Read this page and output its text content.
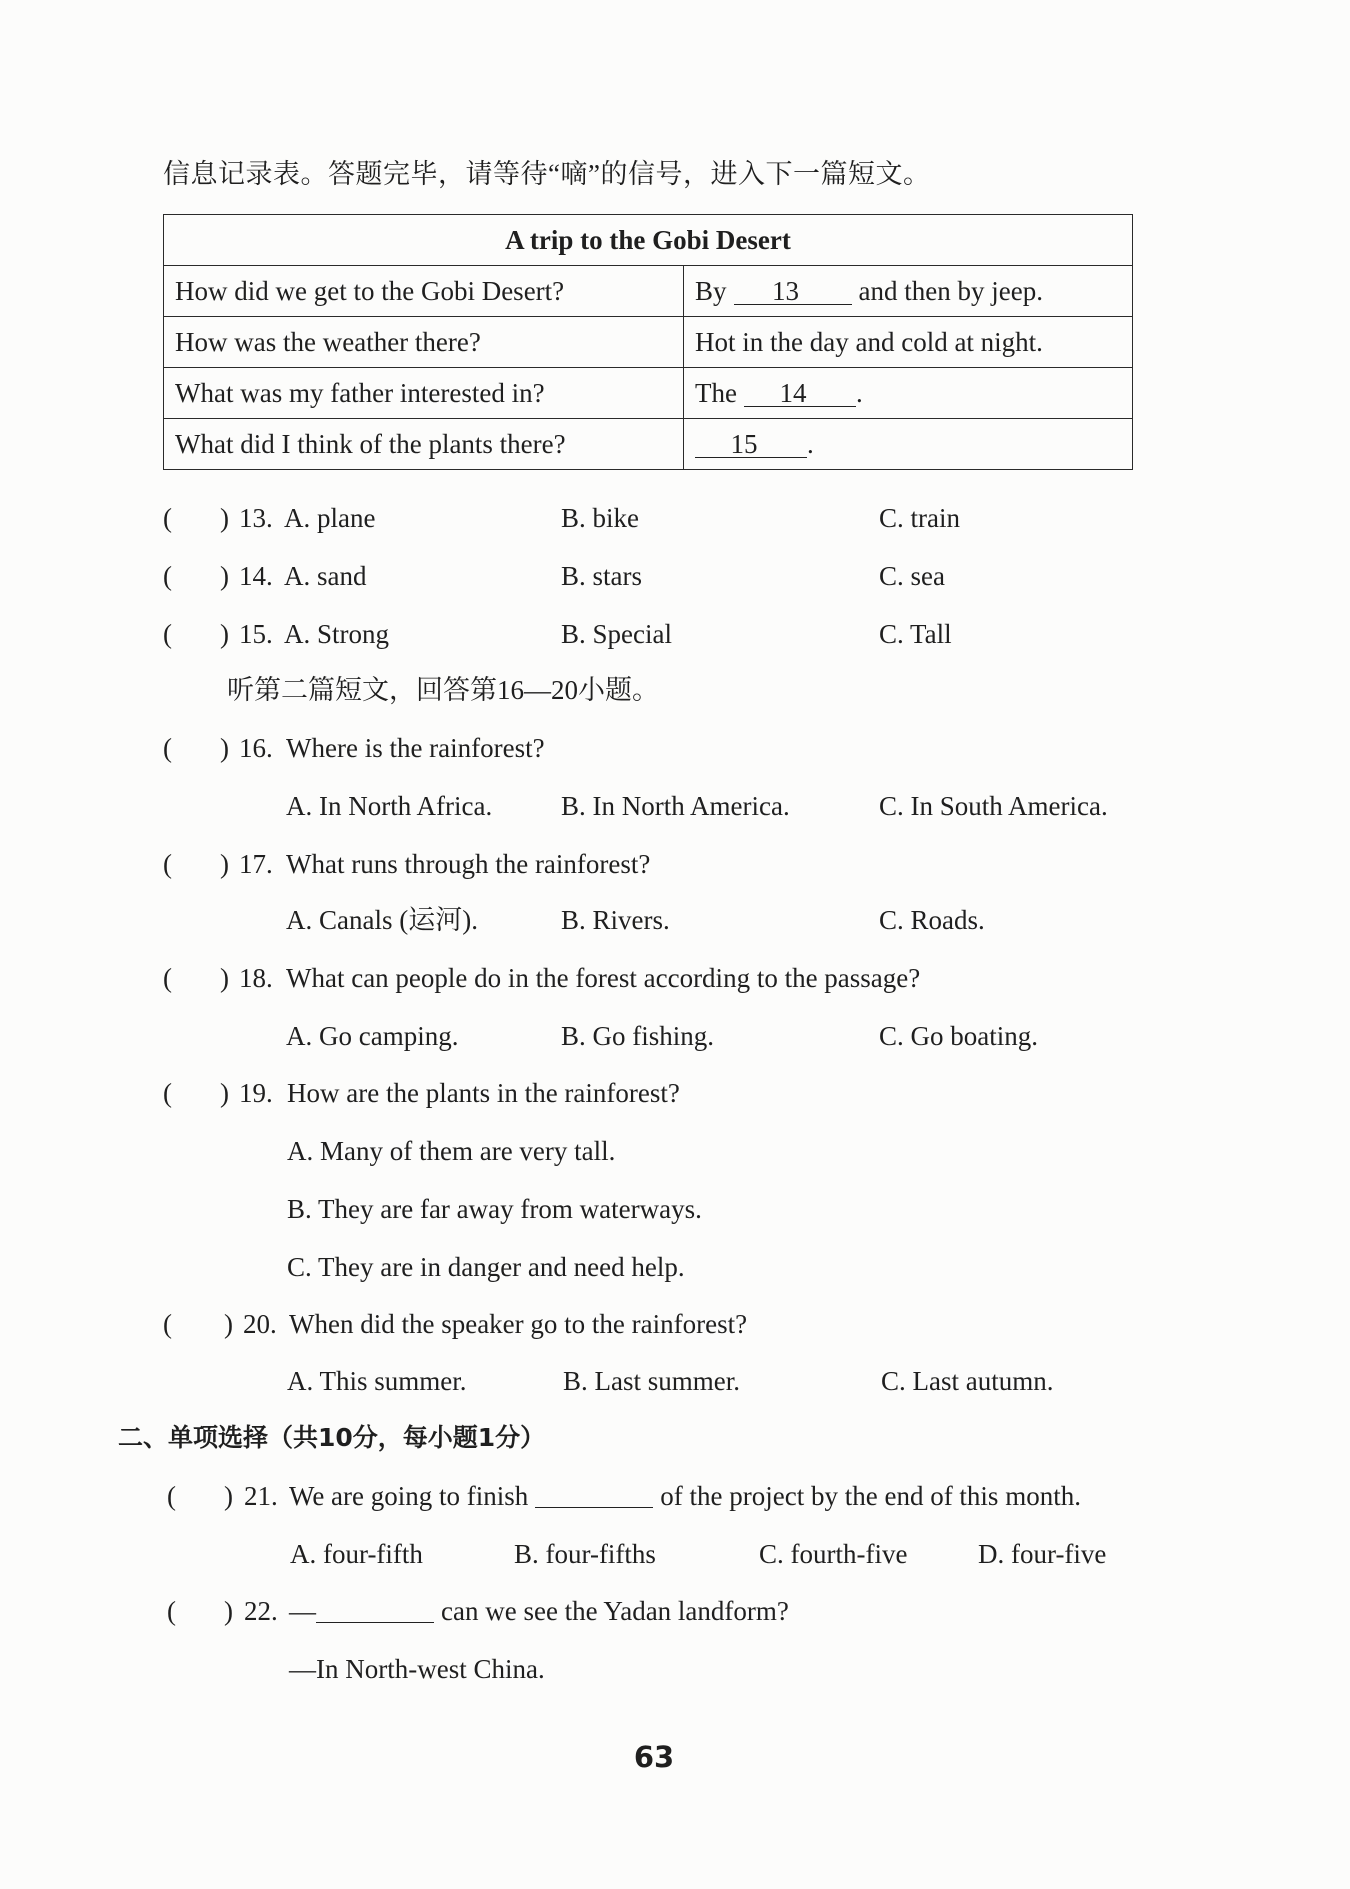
信息记录表。答题完毕，请等待“嘀”的信号，进入下一篇短文。
A trip to the Gobi Desert	
How did we get to the Gobi Desert?	By 13 and then by jeep.
How was the weather there?	Hot in the day and cold at night.
What was my father interested in?	The 14 .
What did I think of the plants there?	15 .
( ) 13. A. plane	B. bike	C. train
( ) 14. A. sand	B. stars	C. sea
( ) 15. A. Strong	B. Special	C. Tall
听第二篇短文，回答第16—20小题。
( ) 16. Where is the rainforest?
A. In North Africa.	B. In North America.	C. In South America.
( ) 17. What runs through the rainforest?
A. Canals (运河).	B. Rivers.	C. Roads.
( ) 18. What can people do in the forest according to the passage?
A. Go camping.	B. Go fishing.	C. Go boating.
( ) 19. How are the plants in the rainforest?
A. Many of them are very tall.
B. They are far away from waterways.
C. They are in danger and need help.
( ) 20. When did the speaker go to the rainforest?
A. This summer.	B. Last summer.	C. Last autumn.
二、单项选择（共10分，每小题1分）
( ) 21. We are going to finish	of the project by the end of this month.
A. four-fifth	B. four-fifths	C. fourth-five	D. four-five
( ) 22. —	can we see the Yadan landform?
—In North-west China.
63
